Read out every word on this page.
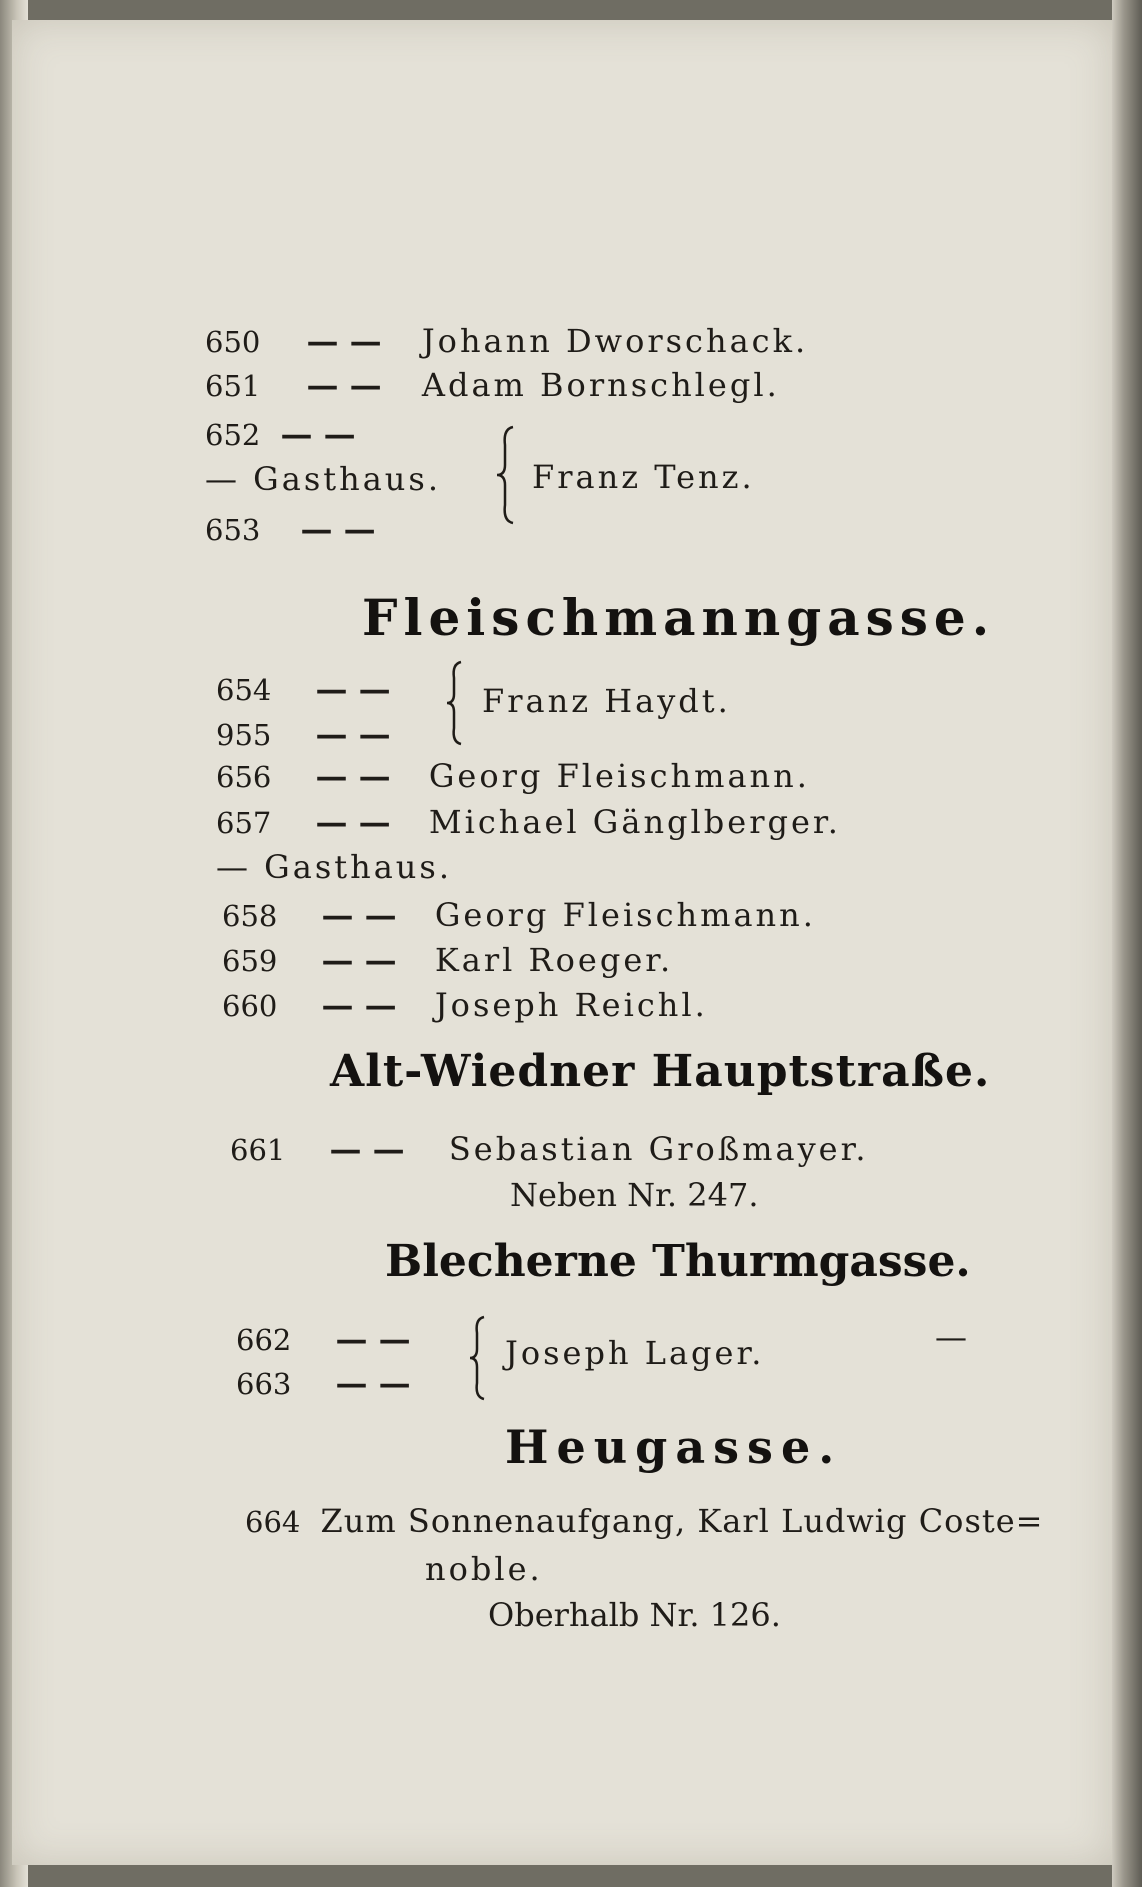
650 — — Johann Dworschack.
651 — — Adam Bornschlegl.
652 — —
— Gasthaus.
653 — —
Franz Tenz.
Fleischmanngasse.
654 — —
955 — —
Franz Haydt.
656 — — Georg Fleischmann.
657 — — Michael Gänglberger.
— Gasthaus.
658 — — Georg Fleischmann.
659 — — Karl Roeger.
660 — — Joseph Reichl.
Alt-Wiedner Hauptstraße.
661 — — Sebastian Großmayer.
Neben Nr. 247.
Blecherne Thurmgasse.
662 — —
663 — —
Joseph Lager.	—
Heugasse.
664 Zum Sonnenaufgang, Karl Ludwig Coste=
noble.
Oberhalb Nr. 126.
